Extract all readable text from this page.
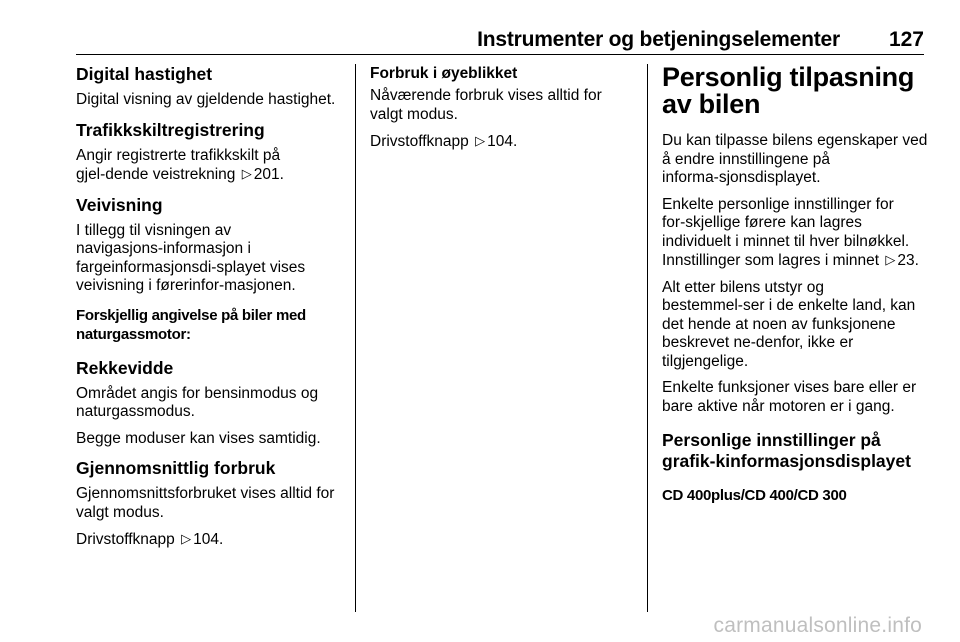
Instrumenter og betjeningselementer 127
Digital hastighet

Digital visning av gjeldende hastighet.

Trafikkskiltregistrering

Angir registrerte trafikkskilt på gjel‑dende veistrekning ▷ 201.

Veivisning

I tillegg til visningen av navigasjons‑informasjon i fargeinformasjonsdi‑splayet vises veivisning i førerinfor‑masjonen.

Forskjellig angivelse på biler med naturgassmotor:
Rekkevidde

Området angis for bensinmodus og naturgassmodus.

Begge moduser kan vises samtidig.

Gjennomsnittlig forbruk

Gjennomsnittsforbruket vises alltid for valgt modus.

Drivstoffknapp ▷ 104.

Forbruk i øyeblikket

Nåværende forbruk vises alltid for valgt modus.

Drivstoffknapp ▷ 104.

Personlig tilpasning av bilen

Du kan tilpasse bilens egenskaper ved å endre innstillingene på informa‑sjonsdisplayet.

Enkelte personlige innstillinger for for‑skjellige førere kan lagres individuelt i minnet til hver bilnøkkel. Innstillinger som lagres i minnet ▷ 23.

Alt etter bilens utstyr og bestemmel‑ser i de enkelte land, kan det hende at noen av funksjonene beskrevet ne‑denfor, ikke er tilgjengelige.

Enkelte funksjoner vises bare eller er bare aktive når motoren er i gang.

Personlige innstillinger på grafik‑kinformasjonsdisplayet
CD 400plus/CD 400/CD 300
carmanualsonline.info
